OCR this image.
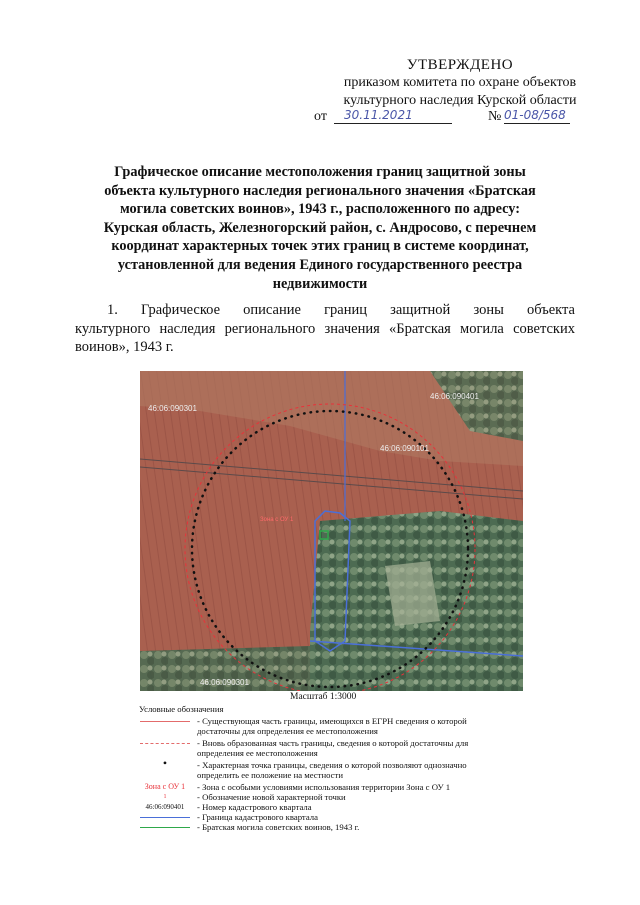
УТВЕРЖДЕНО
приказом комитета по охране объектов
культурного наследия Курской области
от 30.11.2021	№ 01-08/568
Графическое описание местоположения границ защитной зоны
объекта культурного наследия регионального значения «Братская
могила советских воинов», 1943 г., расположенного по адресу:
Курская область, Железногорский район, с. Андросово, с перечнем
координат характерных точек этих границ в системе координат,
установленной для ведения Единого государственного реестра
недвижимости
1. Графическое описание границ защитной зоны объекта
культурного наследия регионального значения «Братская могила советских
воинов», 1943 г.
46:06:090301
46:06:090101
46:06:090401
46:06:090301
Зона с ОУ 1
Масштаб 1:3000
Условные обозначения
- Существующая часть границы, имеющихся в ЕГРН сведения о которой
достаточны для определения ее местоположения
- Вновь образованная часть границы, сведения о которой достаточны для
определения ее местоположения
•	- Характерная точка границы, сведения о которой позволяют однозначно
определить ее положение на местности
Зона с ОУ 1	- Зона с особыми условиями использования территории Зона с ОУ 1
1	- Обозначение новой характерной точки
46:06:090401	- Номер кадастрового квартала
- Граница кадастрового квартала
- Братская могила советских воинов, 1943 г.
